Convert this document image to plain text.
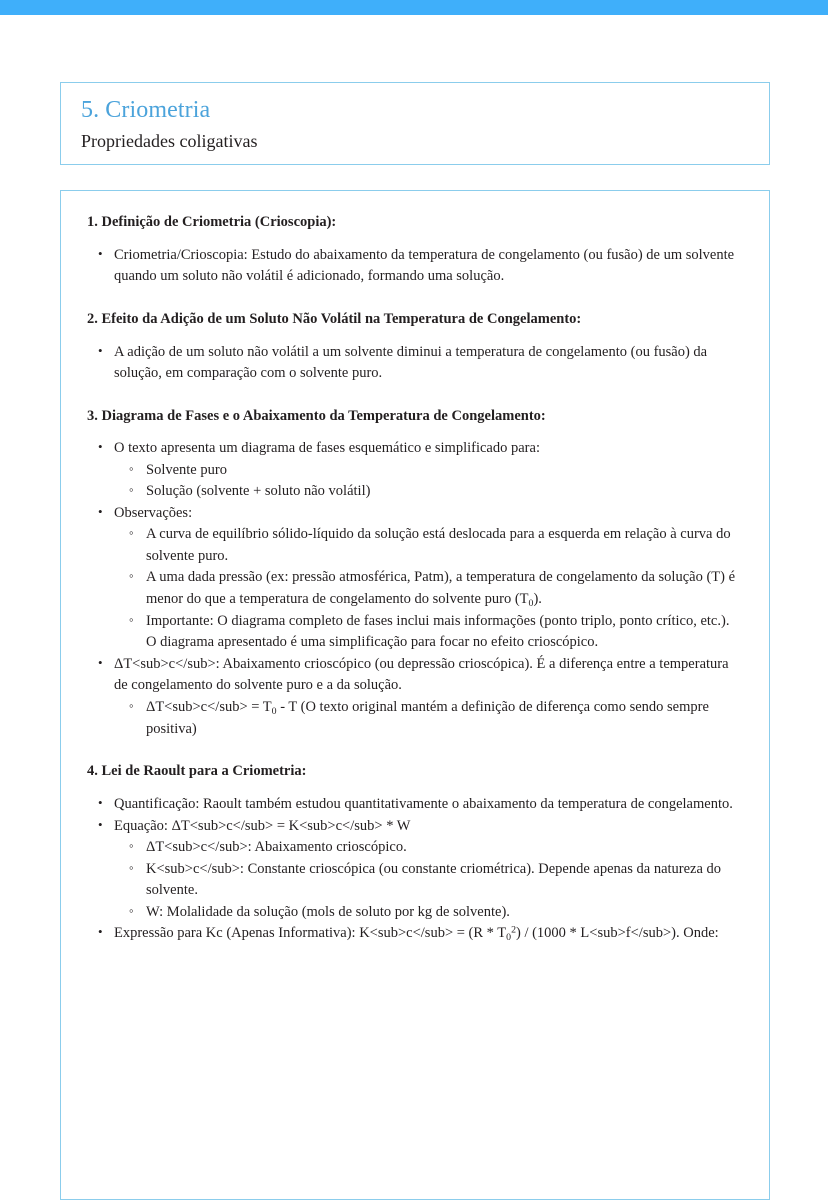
5. Criometria
Propriedades coligativas
1. Definição de Criometria (Crioscopia):
• Criometria/Crioscopia: Estudo do abaixamento da temperatura de congelamento (ou fusão) de um solvente quando um soluto não volátil é adicionado, formando uma solução.
2. Efeito da Adição de um Soluto Não Volátil na Temperatura de Congelamento:
• A adição de um soluto não volátil a um solvente diminui a temperatura de congelamento (ou fusão) da solução, em comparação com o solvente puro.
3. Diagrama de Fases e o Abaixamento da Temperatura de Congelamento:
• O texto apresenta um diagrama de fases esquemático e simplificado para:
◦ Solvente puro
◦ Solução (solvente + soluto não volátil)
• Observações:
◦ A curva de equilíbrio sólido-líquido da solução está deslocada para a esquerda em relação à curva do solvente puro.
◦ A uma dada pressão (ex: pressão atmosférica, Patm), a temperatura de congelamento da solução (T) é menor do que a temperatura de congelamento do solvente puro $(T_0)$.
◦ Importante: O diagrama completo de fases inclui mais informações (ponto triplo, ponto crítico, etc.). O diagrama apresentado é uma simplificação para focar no efeito crioscópico.
• ΔT<sub>c</sub>: Abaixamento crioscópico (ou depressão crioscópica). É a diferença entre a temperatura de congelamento do solvente puro e a da solução.
◦ $\Delta T<sub>c</sub> = T_0 - T$ (O texto original mantém a definição de diferença como sendo sempre positiva)
4. Lei de Raoult para a Criometria:
• Quantificação: Raoult também estudou quantitativamente o abaixamento da temperatura de congelamento.
• Equação: ΔT<sub>c</sub> = K<sub>c</sub> * W
◦ ΔT<sub>c</sub>: Abaixamento crioscópico.
◦ K<sub>c</sub>: Constante crioscópica (ou constante criométrica). Depende apenas da natureza do solvente.
◦ W: Molalidade da solução (mols de soluto por kg de solvente).
• Expressão para Kc (Apenas Informativa): $K<sub>c</sub> = (R * T_0^2) / (1000 * L<sub>f</sub>)$. Onde:
